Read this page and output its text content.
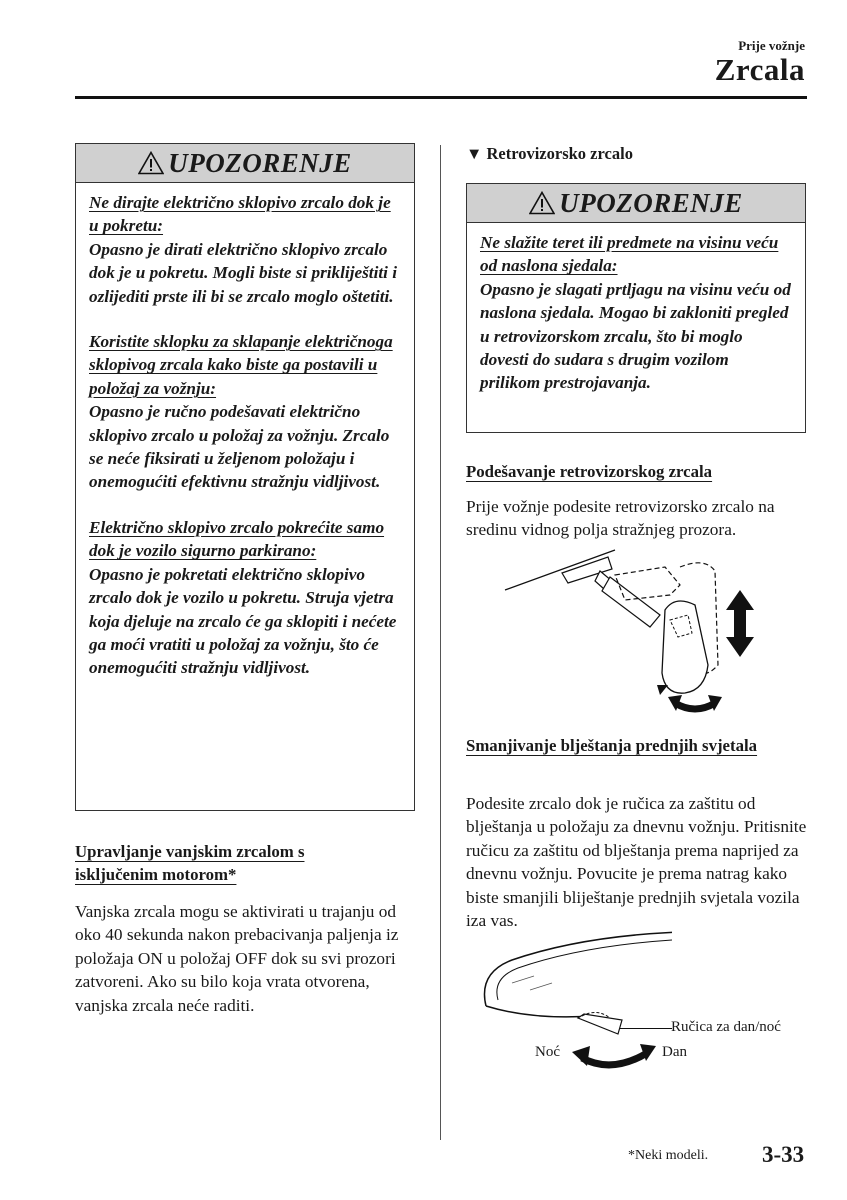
Prije vožnje
Zrcala
UPOZORENJE
Ne dirajte električno sklopivo zrcalo dok je u pokretu:
Opasno je dirati električno sklopivo zrcalo dok je u pokretu. Mogli biste si prikliještiti i ozlijediti prste ili bi se zrcalo moglo oštetiti.
Koristite sklopku za sklapanje električnoga sklopivog zrcala kako biste ga postavili u položaj za vožnju:
Opasno je ručno podešavati električno sklopivo zrcalo u položaj za vožnju. Zrcalo se neće fiksirati u željenom položaju i onemogućiti efektivnu stražnju vidljivost.
Električno sklopivo zrcalo pokrećite samo dok je vozilo sigurno parkirano:
Opasno je pokretati električno sklopivo zrcalo dok je vozilo u pokretu. Struja vjetra koja djeluje na zrcalo će ga sklopiti i nećete ga moći vratiti u položaj za vožnju, što će onemogućiti stražnju vidljivost.
Upravljanje vanjskim zrcalom s isključenim motorom*
Vanjska zrcala mogu se aktivirati u trajanju od oko 40 sekunda nakon prebacivanja paljenja iz položaja ON u položaj OFF dok su svi prozori zatvoreni. Ako su bilo koja vrata otvorena, vanjska zrcala neće raditi.
▼ Retrovizorsko zrcalo
UPOZORENJE
Ne slažite teret ili predmete na visinu veću od naslona sjedala:
Opasno je slagati prtljagu na visinu veću od naslona sjedala. Mogao bi zakloniti pregled u retrovizorskom zrcalu, što bi moglo dovesti do sudara s drugim vozilom prilikom prestrojavanja.
Podešavanje retrovizorskog zrcala
Prije vožnje podesite retrovizorsko zrcalo na sredinu vidnog polja stražnjeg prozora.
Smanjivanje blještanja prednjih svjetala
Podesite zrcalo dok je ručica za zaštitu od blještanja u položaju za dnevnu vožnju. Pritisnite ručicu za zaštitu od blještanja prema naprijed za dnevnu vožnju. Povucite je prema natrag kako biste smanjili bliještanje prednjih svjetala vozila iza vas.
Ručica za dan/noć
Noć	Dan
*Neki modeli. 3-33
